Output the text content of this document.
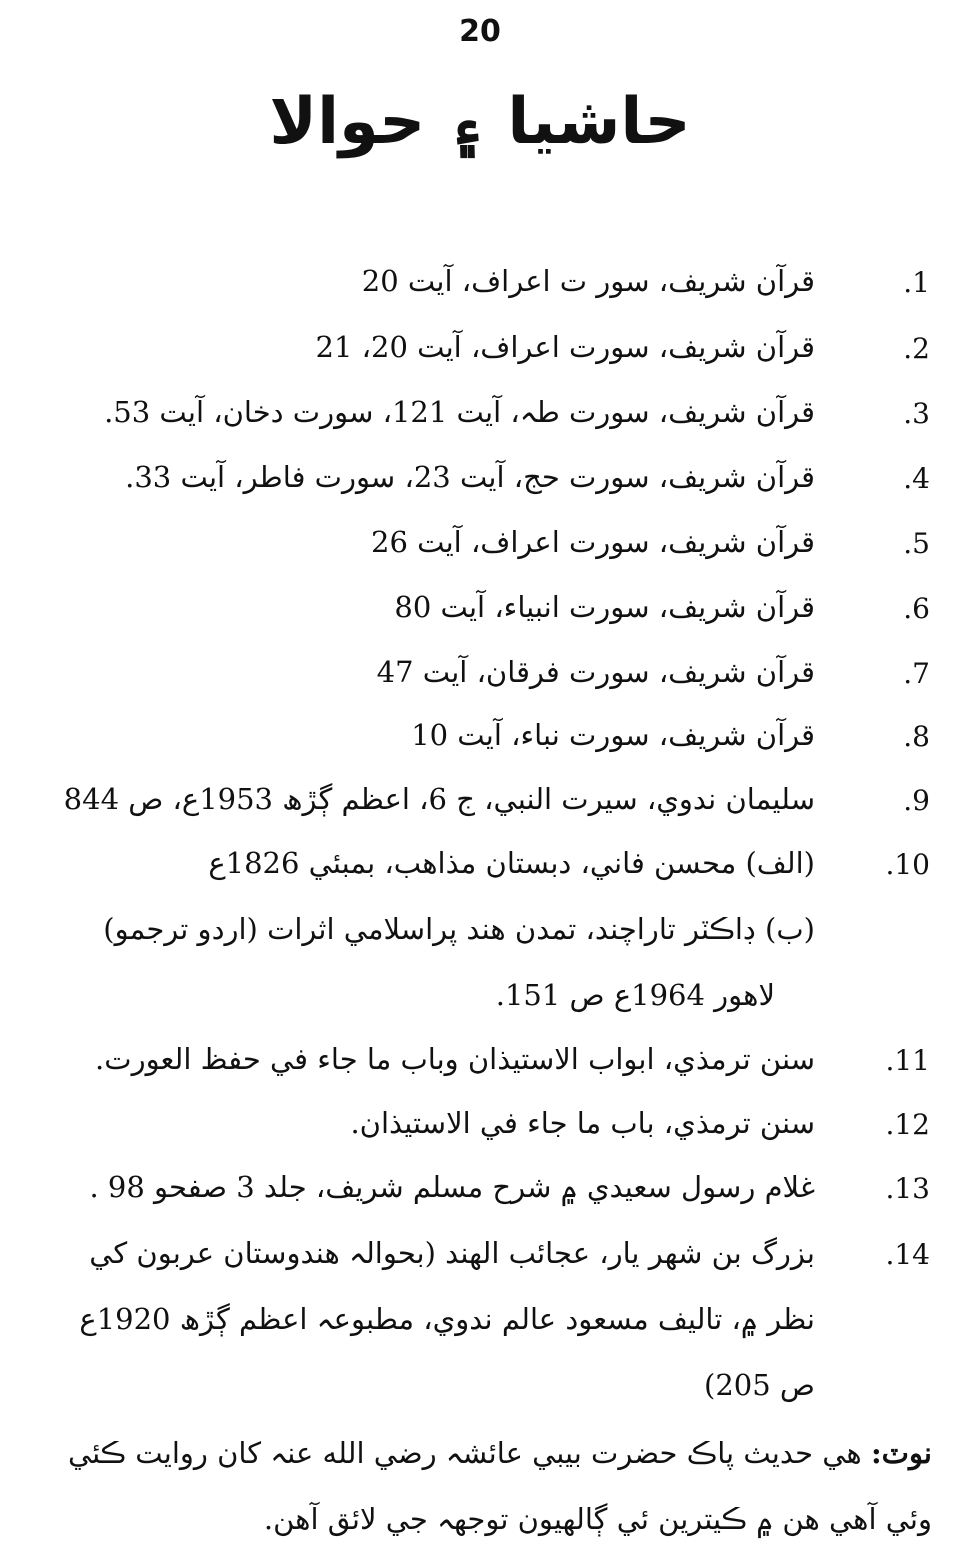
20
حاشيا ۽ حوالا
.1
قرآن شريف، سور ت اعراف، آيت 20
.2
قرآن شريف، سورت اعراف، آيت 20، 21
.3
قرآن شريف، سورت طہ، آيت 121، سورت دخان، آيت 53.
.4
قرآن شريف، سورت حج، آيت 23، سورت فاطر، آيت 33.
.5
قرآن شريف، سورت اعراف، آيت 26
.6
قرآن شريف، سورت انبياء، آيت 80
.7
قرآن شريف، سورت فرقان، آيت 47
.8
قرآن شريف، سورت نباء، آيت 10
.9
سليمان ندوي، سيرت النبي، ج 6، اعظم ڳڙھ 1953ع، ص 844
.10
(الف) محسن فاني، دبستان مذاهب، بمبئي 1826ع
(ب) ڊاڪٽر تاراچند، تمدن هند پراسلامي اثرات (اردو ترجمو)
لاهور 1964ع ص 151.
.11
سنن ترمذي، ابواب الاستيذان وباب ما جاء في حفظ العورت.
.12
سنن ترمذي، باب ما جاء في الاستيذان.
.13
غلام رسول سعيدي ۾ شرح مسلم شريف، جلد 3 صفحو 98 .
.14
بزرگ بن شهر يار، عجائب الهند (بحوالہ هندوستان عربون کي
نظر ۾، تاليف مسعود عالم ندوي، مطبوعہ اعظم ڳڙھ 1920ع
ص 205)
نوٽ: هي حديث پاڪ حضرت بيبي عائشہ رضي الله عنہ کان روايت ڪئي وئي آهي هن ۾ ڪيترين ئي ڳالهيون توجهہ جي لائق آهن.
